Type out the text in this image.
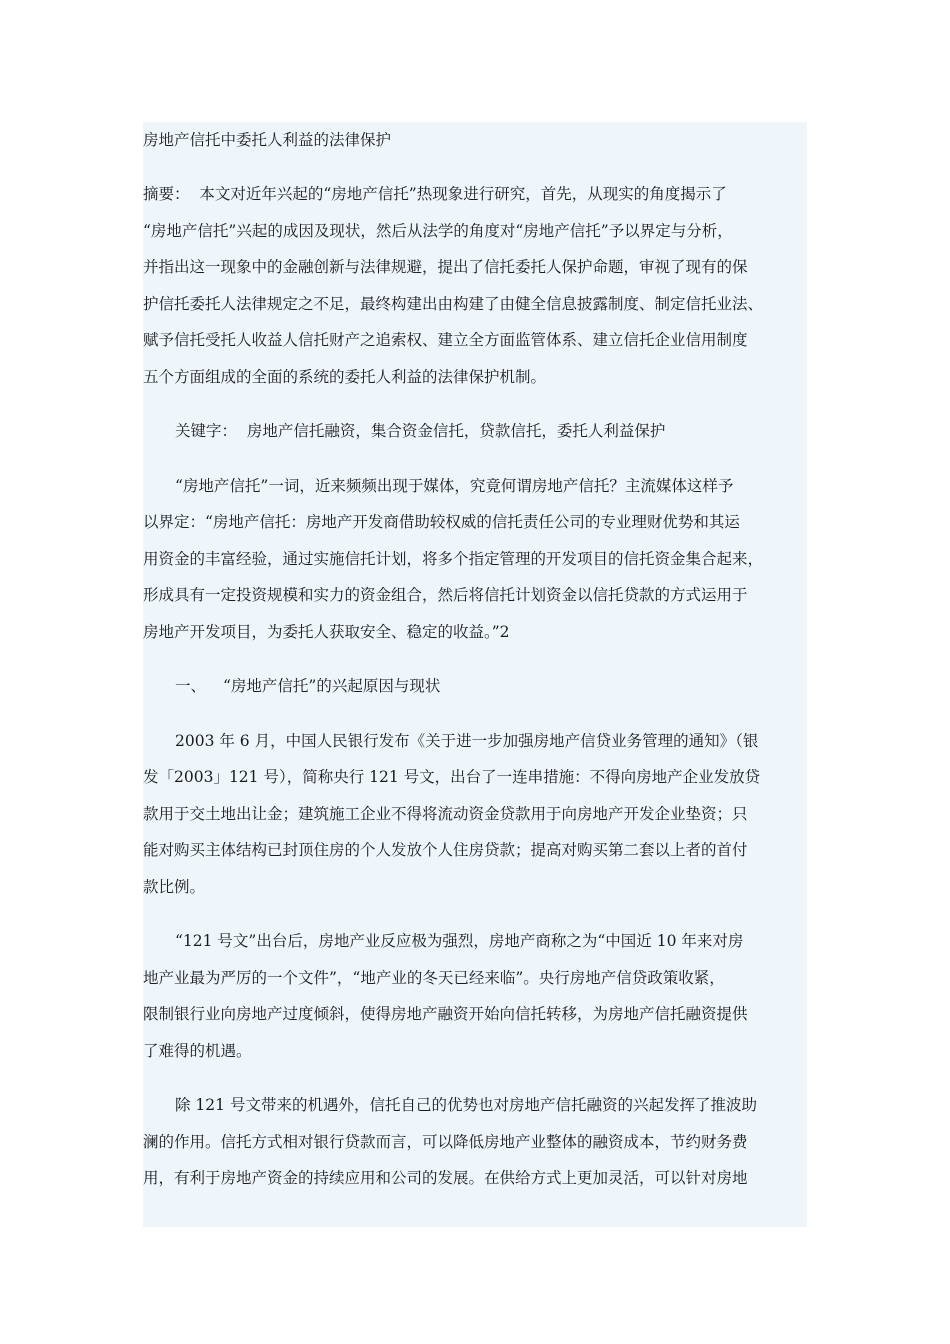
房地产信托中委托人利益的法律保护

摘要： 本文对近年兴起的“房地产信托”热现象进行研究，首先，从现实的角度揭示了

“房地产信托”兴起的成因及现状，然后从法学的角度对“房地产信托”予以界定与分析，

并指出这一现象中的金融创新与法律规避，提出了信托委托人保护命题，审视了现有的保

护信托委托人法律规定之不足，最终构建出由构建了由健全信息披露制度、制定信托业法、

赋予信托受托人收益人信托财产之追索权、建立全方面监管体系、建立信托企业信用制度

五个方面组成的全面的系统的委托人利益的法律保护机制。

关键字： 房地产信托融资，集合资金信托，贷款信托，委托人利益保护

“房地产信托”一词，近来频频出现于媒体，究竟何谓房地产信托？主流媒体这样予

以界定：“房地产信托：房地产开发商借助较权威的信托责任公司的专业理财优势和其运

用资金的丰富经验，通过实施信托计划，将多个指定管理的开发项目的信托资金集合起来，

形成具有一定投资规模和实力的资金组合，然后将信托计划资金以信托贷款的方式运用于

房地产开发项目，为委托人获取安全、稳定的收益。”2

一、 “房地产信托”的兴起原因与现状

2003 年 6 月，中国人民银行发布《关于进一步加强房地产信贷业务管理的通知》（银

发「2003」121 号），简称央行 121 号文，出台了一连串措施：不得向房地产企业发放贷

款用于交土地出让金；建筑施工企业不得将流动资金贷款用于向房地产开发企业垫资；只

能对购买主体结构已封顶住房的个人发放个人住房贷款；提高对购买第二套以上者的首付

款比例。

“121 号文”出台后，房地产业反应极为强烈，房地产商称之为“中国近 10 年来对房

地产业最为严厉的一个文件”，“地产业的冬天已经来临”。央行房地产信贷政策收紧，

限制银行业向房地产过度倾斜，使得房地产融资开始向信托转移，为房地产信托融资提供

了难得的机遇。

除 121 号文带来的机遇外，信托自己的优势也对房地产信托融资的兴起发挥了推波助

澜的作用。信托方式相对银行贷款而言，可以降低房地产业整体的融资成本，节约财务费

用，有利于房地产资金的持续应用和公司的发展。在供给方式上更加灵活，可以针对房地
